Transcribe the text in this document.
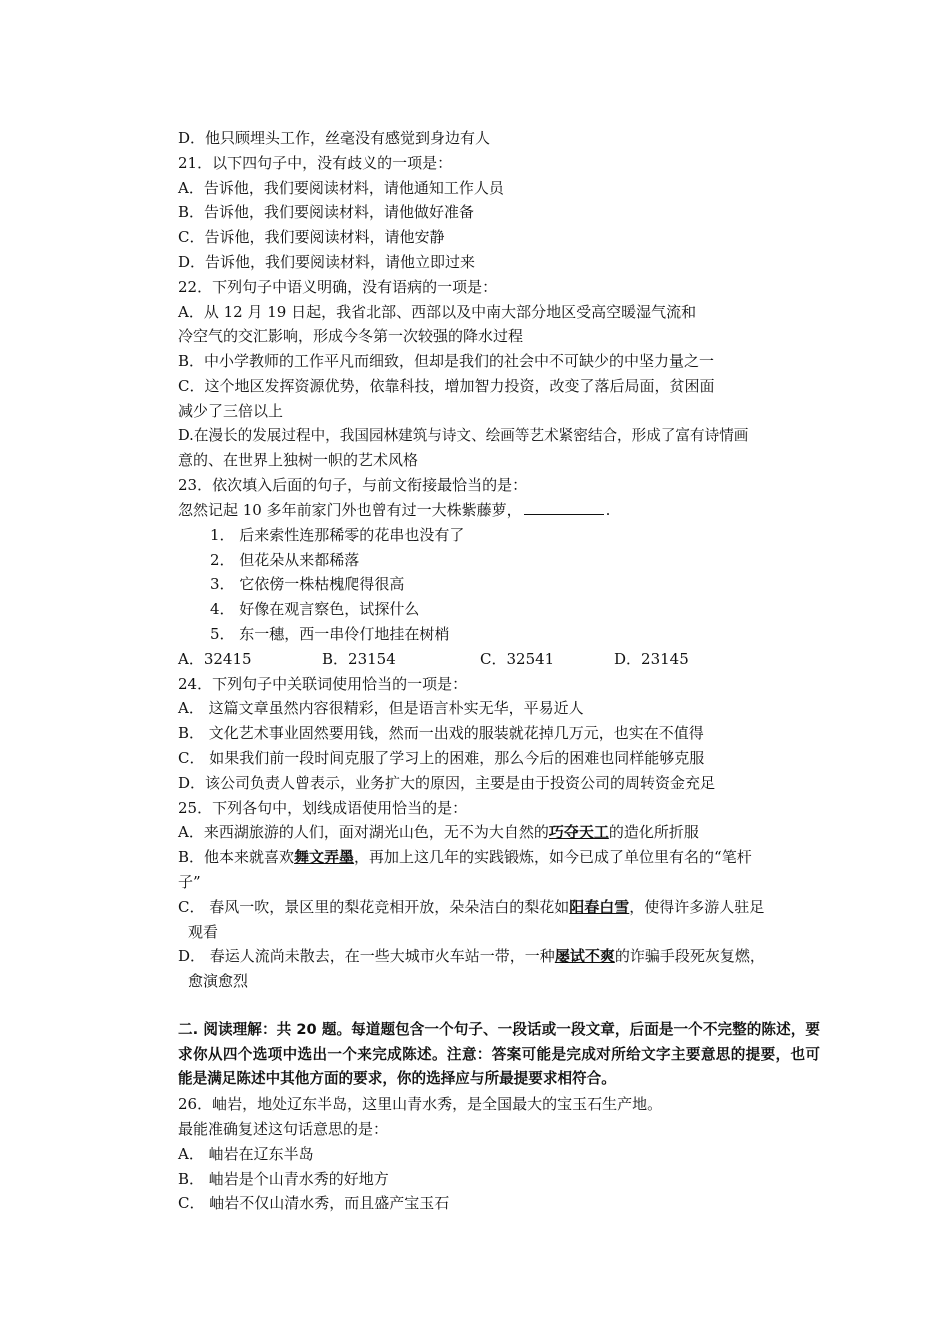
D．他只顾埋头工作，丝毫没有感觉到身边有人
21．以下四句子中，没有歧义的一项是：
A．告诉他，我们要阅读材料，请他通知工作人员
B．告诉他，我们要阅读材料，请他做好准备
C．告诉他，我们要阅读材料，请他安静
D．告诉他，我们要阅读材料，请他立即过来
22．下列句子中语义明确，没有语病的一项是：
A．从 12 月 19 日起，我省北部、西部以及中南大部分地区受高空暖湿气流和
冷空气的交汇影响，形成今冬第一次较强的降水过程
B．中小学教师的工作平凡而细致，但却是我们的社会中不可缺少的中坚力量之一
C．这个地区发挥资源优势，依靠科技，增加智力投资，改变了落后局面，贫困面
减少了三倍以上
D.在漫长的发展过程中，我国园林建筑与诗文、绘画等艺术紧密结合，形成了富有诗情画
意的、在世界上独树一帜的艺术风格
23．依次填入后面的句子，与前文衔接最恰当的是：
忽然记起 10 多年前家门外也曾有过一大株紫藤萝，	.
1． 后来索性连那稀零的花串也没有了
2． 但花朵从来都稀落
3． 它依傍一株枯槐爬得很高
4． 好像在观言察色，试探什么
5． 东一穗，西一串伶仃地挂在树梢
A．32415	B．23154	C．32541	D．23145
24．下列句子中关联词使用恰当的一项是：
A． 这篇文章虽然内容很精彩，但是语言朴实无华，平易近人
B． 文化艺术事业固然要用钱，然而一出戏的服装就花掉几万元，也实在不值得
C． 如果我们前一段时间克服了学习上的困难，那么今后的困难也同样能够克服
D．该公司负责人曾表示，业务扩大的原因，主要是由于投资公司的周转资金充足
25．下列各句中，划线成语使用恰当的是：
A．来西湖旅游的人们，面对湖光山色，无不为大自然的巧夺天工的造化所折服
B．他本来就喜欢舞文弄墨，再加上这几年的实践锻炼，如今已成了单位里有名的“笔杆
子”
C． 春风一吹，景区里的梨花竞相开放，朵朵洁白的梨花如阳春白雪，使得许多游人驻足
观看
D． 春运人流尚未散去，在一些大城市火车站一带，一种屡试不爽的诈骗手段死灰复燃，
愈演愈烈
二. 阅读理解：共 20 题。每道题包含一个句子、一段话或一段文章，后面是一个不完整的陈述，要求你从四个选项中选出一个来完成陈述。注意：答案可能是完成对所给文字主要意思的提要，也可能是满足陈述中其他方面的要求，你的选择应与所最提要求相符合。
26．岫岩，地处辽东半岛，这里山青水秀，是全国最大的宝玉石生产地。
最能准确复述这句话意思的是：
A． 岫岩在辽东半岛
B． 岫岩是个山青水秀的好地方
C． 岫岩不仅山清水秀，而且盛产宝玉石
